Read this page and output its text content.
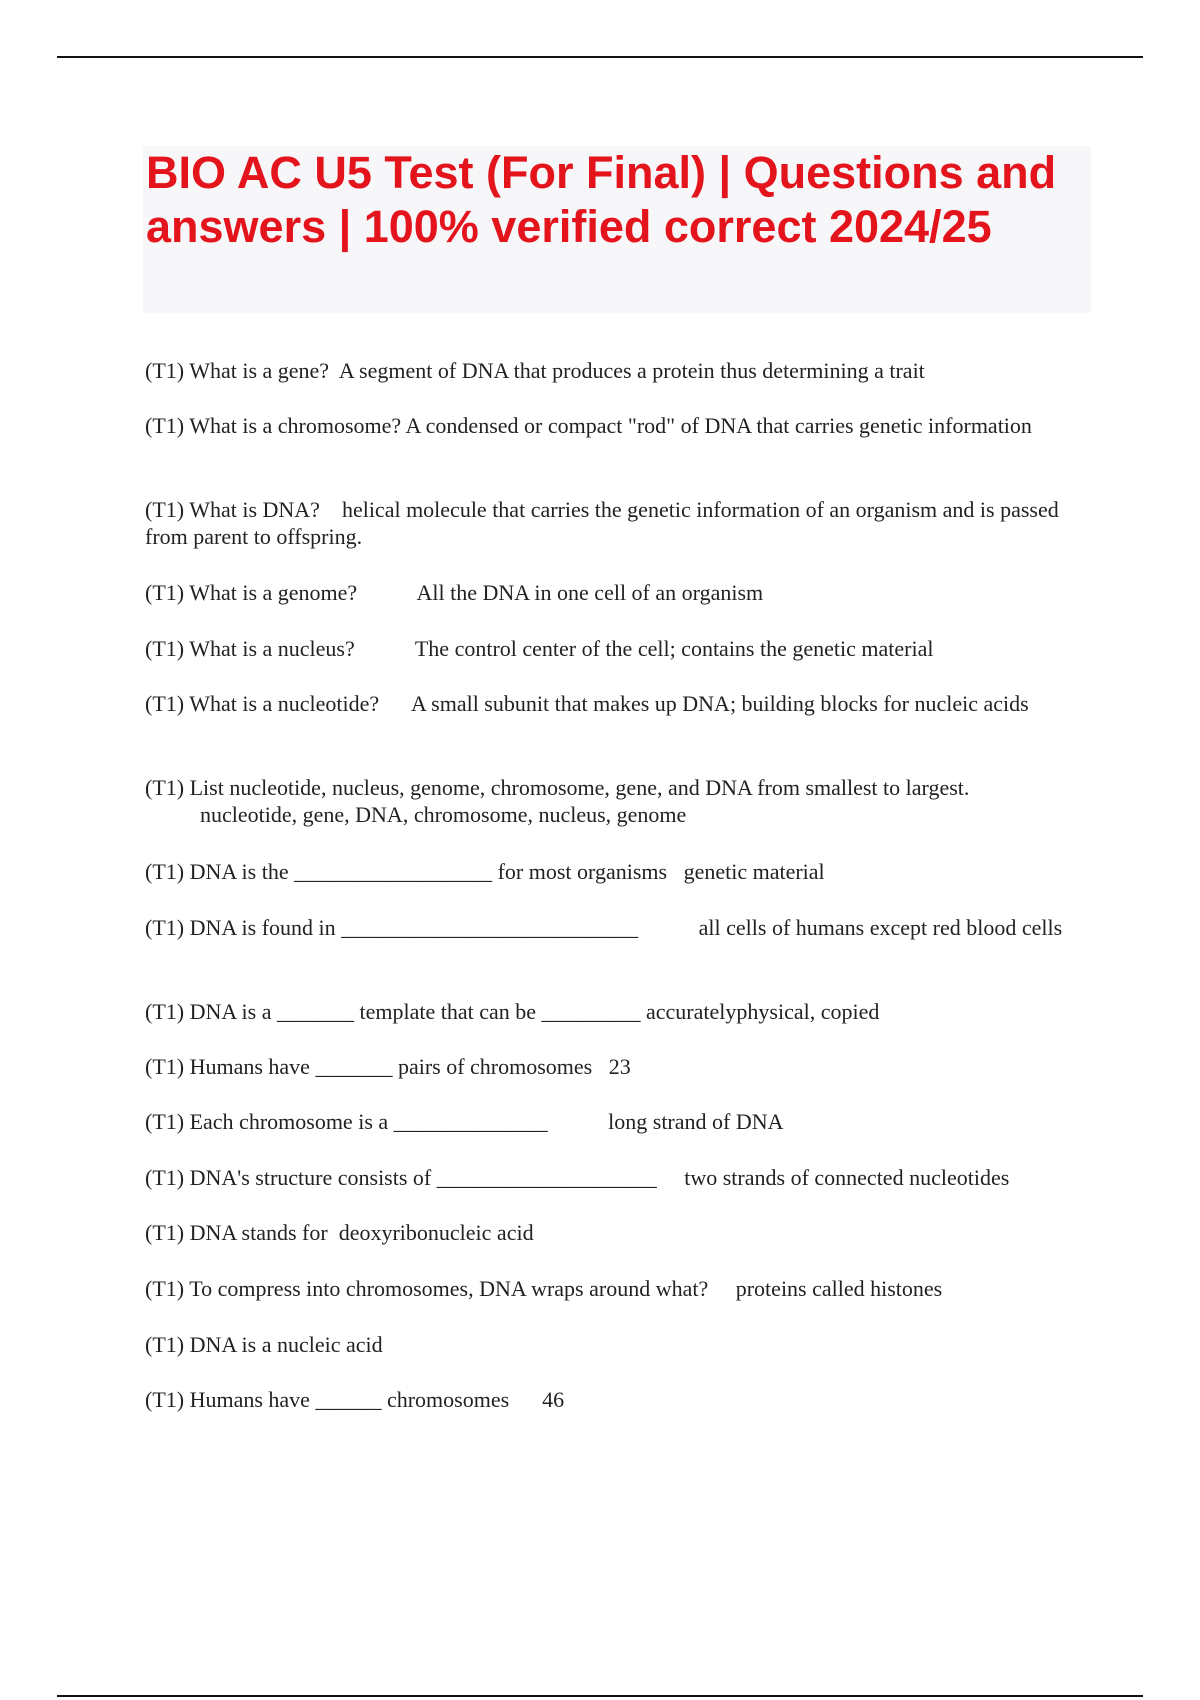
BIO AC U5 Test (For Final) | Questions and answers | 100% verified correct 2024/25

(T1) What is a gene? A segment of DNA that produces a protein thus determining a trait

(T1) What is a chromosome? A condensed or compact "rod" of DNA that carries genetic information

(T1) What is DNA? helical molecule that carries the genetic information of an organism and is passed from parent to offspring.

(T1) What is a genome?	All the DNA in one cell of an organism

(T1) What is a nucleus?	The control center of the cell; contains the genetic material

(T1) What is a nucleotide? A small subunit that makes up DNA; building blocks for nucleic acids

(T1) List nucleotide, nucleus, genome, chromosome, gene, and DNA from smallest to largest.
nucleotide, gene, DNA, chromosome, nucleus, genome

(T1) DNA is the __________________ for most organisms genetic material

(T1) DNA is found in ___________________________	all cells of humans except red blood cells

(T1) DNA is a _______ template that can be _________ accuratelyphysical, copied

(T1) Humans have _______ pairs of chromosomes 23

(T1) Each chromosome is a ______________	long strand of DNA

(T1) DNA's structure consists of ____________________ two strands of connected nucleotides

(T1) DNA stands for deoxyribonucleic acid

(T1) To compress into chromosomes, DNA wraps around what? proteins called histones

(T1) DNA is a nucleic acid

(T1) Humans have ______ chromosomes 46
